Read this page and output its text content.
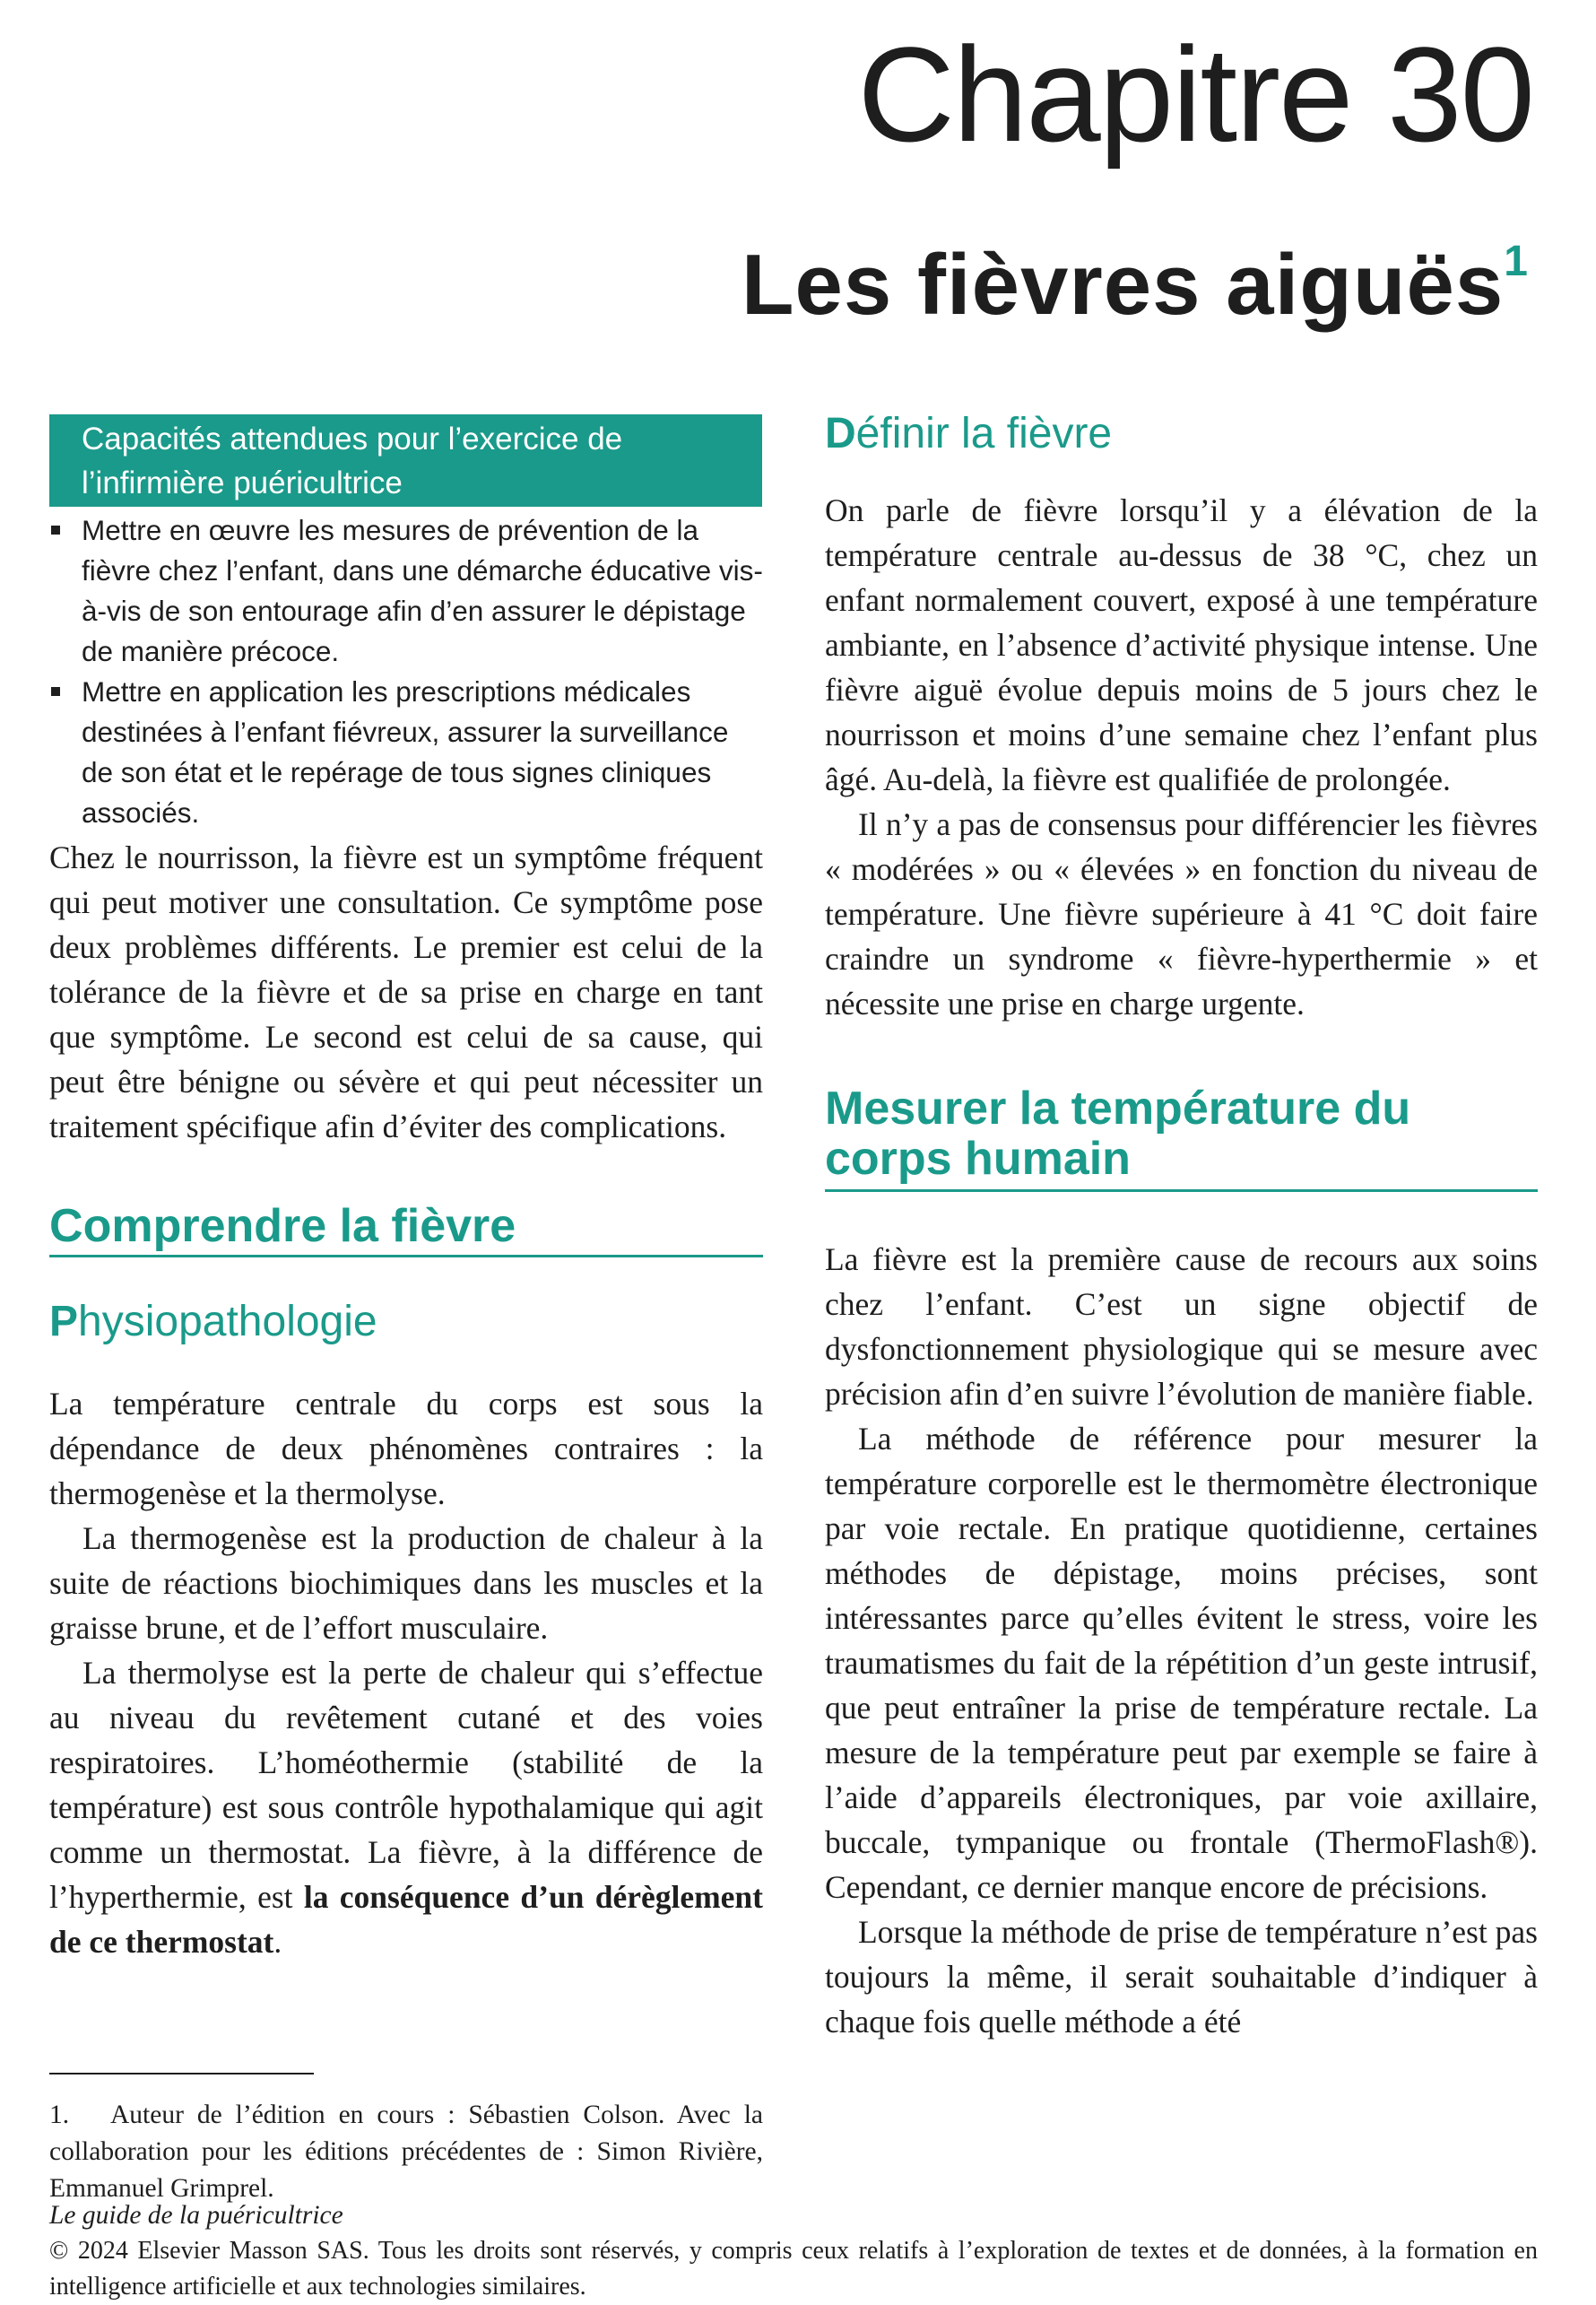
Chapitre 30
Les fièvres aiguës$^1$
Capacités attendues pour l’exercice de l’infirmière puéricultrice
Mettre en œuvre les mesures de prévention de la fièvre chez l’enfant, dans une démarche éducative vis-à-vis de son entourage afin d’en assurer le dépistage de manière précoce.
Mettre en application les prescriptions médicales destinées à l’enfant fiévreux, assurer la surveillance de son état et le repérage de tous signes cliniques associés.

Chez le nourrisson, la fièvre est un symptôme fréquent qui peut motiver une consultation. Ce symptôme pose deux problèmes différents. Le premier est celui de la tolérance de la fièvre et de sa prise en charge en tant que symptôme. Le second est celui de sa cause, qui peut être bénigne ou sévère et qui peut nécessiter un traitement spécifique afin d’éviter des complications.

Comprendre la fièvre
Physiopathologie

La température centrale du corps est sous la dépendance de deux phénomènes contraires : la thermogenèse et la thermolyse.

La thermogenèse est la production de chaleur à la suite de réactions biochimiques dans les muscles et la graisse brune, et de l’effort musculaire.

La thermolyse est la perte de chaleur qui s’effectue au niveau du revêtement cutané et des voies respiratoires. L’homéothermie (stabilité de la température) est sous contrôle hypothalamique qui agit comme un thermostat. La fièvre, à la différence de l’hyperthermie, est la conséquence d’un dérèglement de ce thermostat.

Définir la fièvre

On parle de fièvre lorsqu’il y a élévation de la température centrale au-dessus de 38 °C, chez un enfant normalement couvert, exposé à une température ambiante, en l’absence d’activité physique intense. Une fièvre aiguë évolue depuis moins de 5 jours chez le nourrisson et moins d’une semaine chez l’enfant plus âgé. Au-delà, la fièvre est qualifiée de prolongée.

Il n’y a pas de consensus pour différencier les fièvres « modérées » ou « élevées » en fonction du niveau de température. Une fièvre supérieure à 41 °C doit faire craindre un syndrome « fièvre-hyperthermie » et nécessite une prise en charge urgente.

Mesurer la température du corps humain

La fièvre est la première cause de recours aux soins chez l’enfant. C’est un signe objectif de dysfonctionnement physiologique qui se mesure avec précision afin d’en suivre l’évolution de manière fiable.

La méthode de référence pour mesurer la température corporelle est le thermomètre électronique par voie rectale. En pratique quotidienne, certaines méthodes de dépistage, moins précises, sont intéressantes parce qu’elles évitent le stress, voire les traumatismes du fait de la répétition d’un geste intrusif, que peut entraîner la prise de température rectale. La mesure de la température peut par exemple se faire à l’aide d’appareils électroniques, par voie axillaire, buccale, tympanique ou frontale (ThermoFlash®). Cependant, ce dernier manque encore de précisions.

Lorsque la méthode de prise de température n’est pas toujours la même, il serait souhaitable d’indiquer à chaque fois quelle méthode a été

1. Auteur de l’édition en cours : Sébastien Colson. Avec la collaboration pour les éditions précédentes de : Simon Rivière, Emmanuel Grimprel.

Le guide de la puéricultrice

© 2024 Elsevier Masson SAS. Tous les droits sont réservés, y compris ceux relatifs à l’exploration de textes et de données, à la formation en intelligence artificielle et aux technologies similaires.
